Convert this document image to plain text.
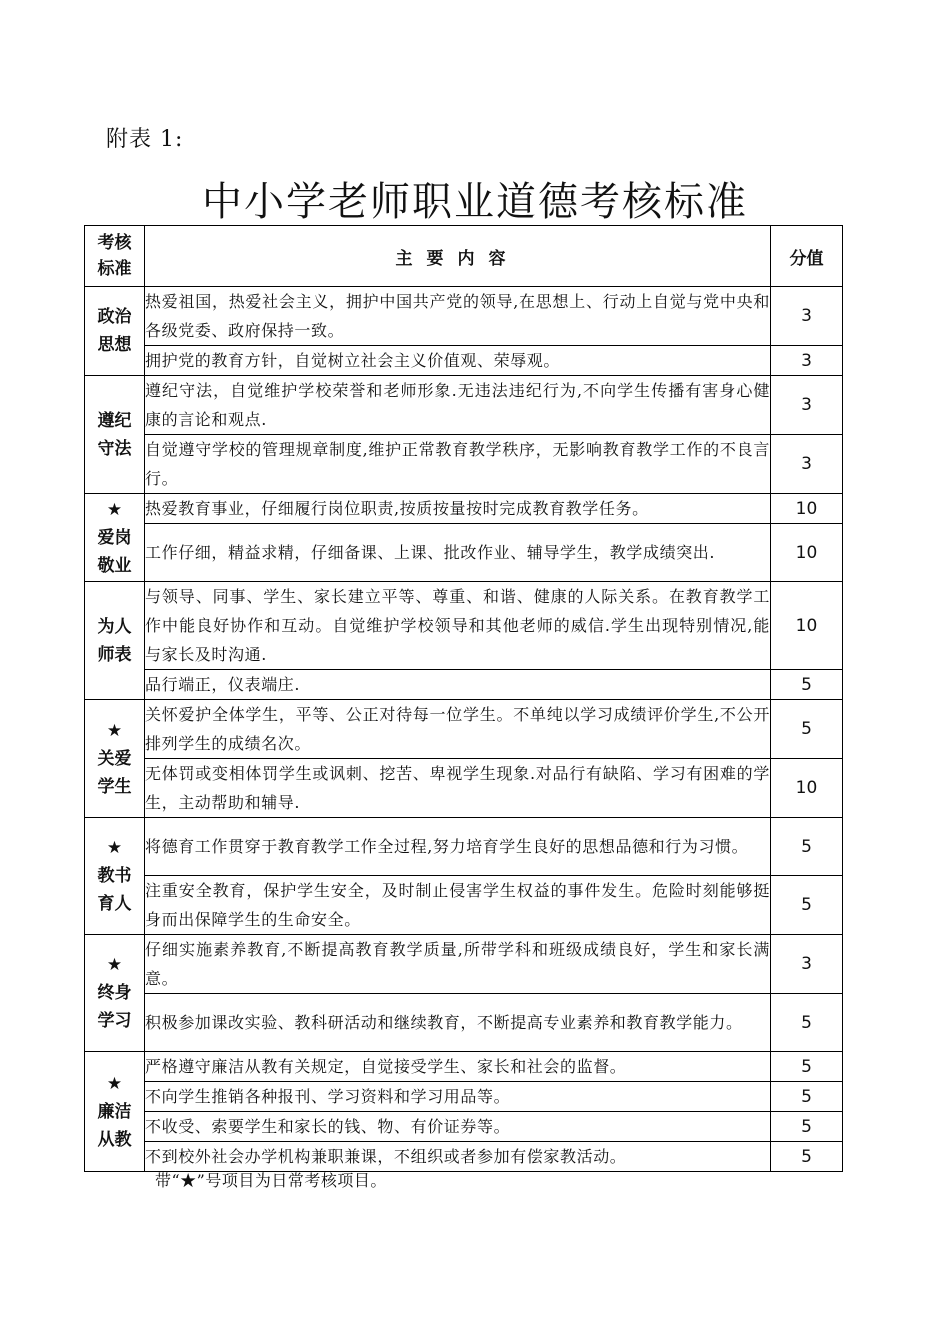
附表 1:
中小学老师职业道德考核标准
考核
标准	主要内容	分值
政治
思想	热爱祖国，热爱社会主义，拥护中国共产党的领导,在思想上、行动上自觉与党中央和各级党委、政府保持一致。	3
	拥护党的教育方针，自觉树立社会主义价值观、荣辱观。	3
遵纪
守法	遵纪守法，自觉维护学校荣誉和老师形象.无违法违纪行为,不向学生传播有害身心健康的言论和观点.	3
	自觉遵守学校的管理规章制度,维护正常教育教学秩序，无影响教育教学工作的不良言行。	3
★
爱岗
敬业	热爱教育事业，仔细履行岗位职责,按质按量按时完成教育教学任务。	10
	工作仔细，精益求精，仔细备课、上课、批改作业、辅导学生，教学成绩突出.	10
为人
师表	与领导、同事、学生、家长建立平等、尊重、和谐、健康的人际关系。在教育教学工作中能良好协作和互动。自觉维护学校领导和其他老师的威信.学生出现特别情况,能与家长及时沟通.	10
	品行端正，仪表端庄.	5
★
关爱
学生	关怀爱护全体学生，平等、公正对待每一位学生。不单纯以学习成绩评价学生,不公开排列学生的成绩名次。	5
	无体罚或变相体罚学生或讽刺、挖苦、卑视学生现象.对品行有缺陷、学习有困难的学生，主动帮助和辅导.	10
★
教书
育人	将德育工作贯穿于教育教学工作全过程,努力培育学生良好的思想品德和行为习惯。	5
	注重安全教育，保护学生安全，及时制止侵害学生权益的事件发生。危险时刻能够挺身而出保障学生的生命安全。	5
★
终身
学习	仔细实施素养教育,不断提高教育教学质量,所带学科和班级成绩良好，学生和家长满意。	3
	积极参加课改实验、教科研活动和继续教育，不断提高专业素养和教育教学能力。	5
★
廉洁
从教	严格遵守廉洁从教有关规定，自觉接受学生、家长和社会的监督。	5
	不向学生推销各种报刊、学习资料和学习用品等。	5
	不收受、索要学生和家长的钱、物、有价证券等。	5
	不到校外社会办学机构兼职兼课，不组织或者参加有偿家教活动。	5
带“★”号项目为日常考核项目。
